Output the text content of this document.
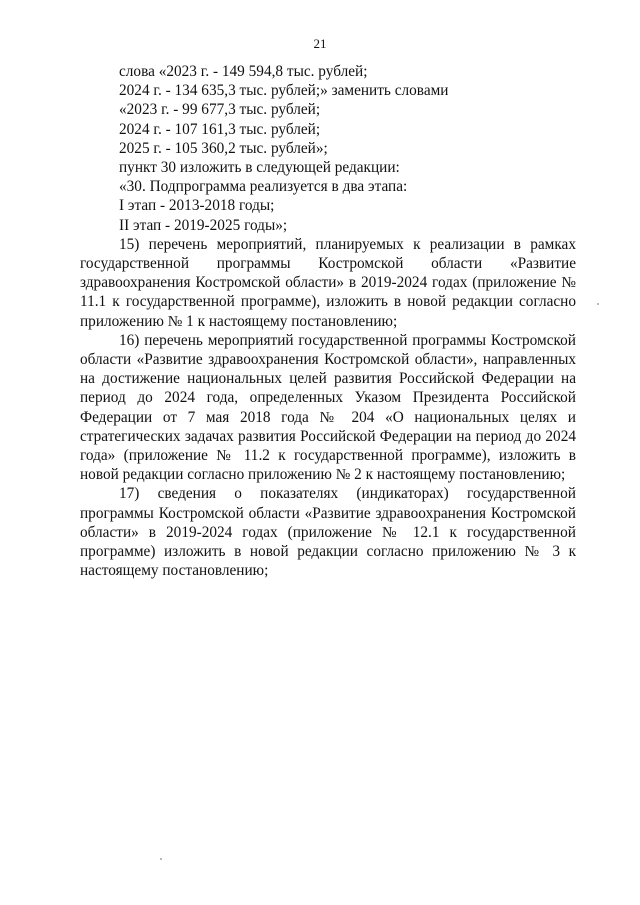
21

слова «2023 г. - 149 594,8 тыс. рублей;

2024 г. - 134 635,3 тыс. рублей;» заменить словами

«2023 г. - 99 677,3 тыс. рублей;

2024 г. - 107 161,3 тыс. рублей;

2025 г. - 105 360,2 тыс. рублей»;

пункт 30 изложить в следующей редакции:

«30. Подпрограмма реализуется в два этапа:

I этап - 2013-2018 годы;

II этап - 2019-2025 годы»;

15) перечень мероприятий, планируемых к реализации в рамках государственной программы Костромской области «Развитие здравоохранения Костромской области» в 2019-2024 годах (приложение № 11.1 к государственной программе), изложить в новой редакции согласно приложению № 1 к настоящему постановлению;

16) перечень мероприятий государственной программы Костромской области «Развитие здравоохранения Костромской области», направленных на достижение национальных целей развития Российской Федерации на период до 2024 года, определенных Указом Президента Российской Федерации от 7 мая 2018 года № 204 «О национальных целях и стратегических задачах развития Российской Федерации на период до 2024 года» (приложение № 11.2 к государственной программе), изложить в новой редакции согласно приложению № 2 к настоящему постановлению;

17) сведения о показателях (индикаторах) государственной программы Костромской области «Развитие здравоохранения Костромской области» в 2019-2024 годах (приложение № 12.1 к государственной программе) изложить в новой редакции согласно приложению № 3 к настоящему постановлению;
